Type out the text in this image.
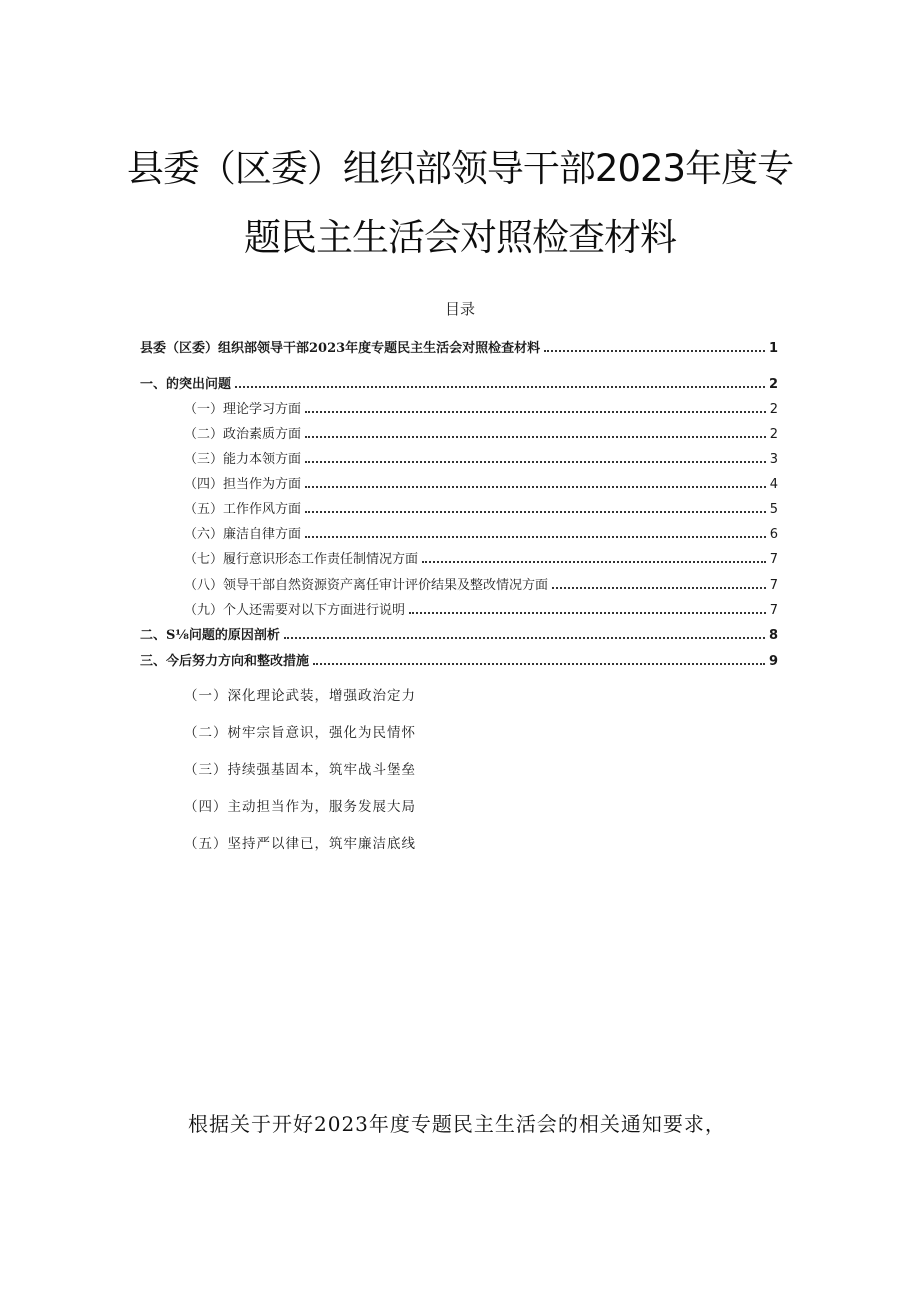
县委（区委）组织部领导干部2023年度专
题民主生活会对照检查材料
目录
县委（区委）组织部领导干部2023年度专题民主生活会对照检查材料	1
一、的突出问题	2
（一）理论学习方面	2
（二）政治素质方面	2
（三）能力本领方面	3
（四）担当作为方面	4
（五）工作作风方面	5
（六）廉洁自律方面	6
（七）履行意识形态工作责任制情况方面	7
（八）领导干部自然资源资产离任审计评价结果及整改情况方面	7
（九）个人还需要对以下方面进行说明	7
二、S⅛问题的原因剖析	8
三、今后努力方向和整改措施	9
（一）深化理论武装，增强政治定力
（二）树牢宗旨意识，强化为民情怀
（三）持续强基固本，筑牢战斗堡垒
（四）主动担当作为，服务发展大局
（五）坚持严以律已，筑牢廉洁底线
根据关于开好2023年度专题民主生活会的相关通知要求，
